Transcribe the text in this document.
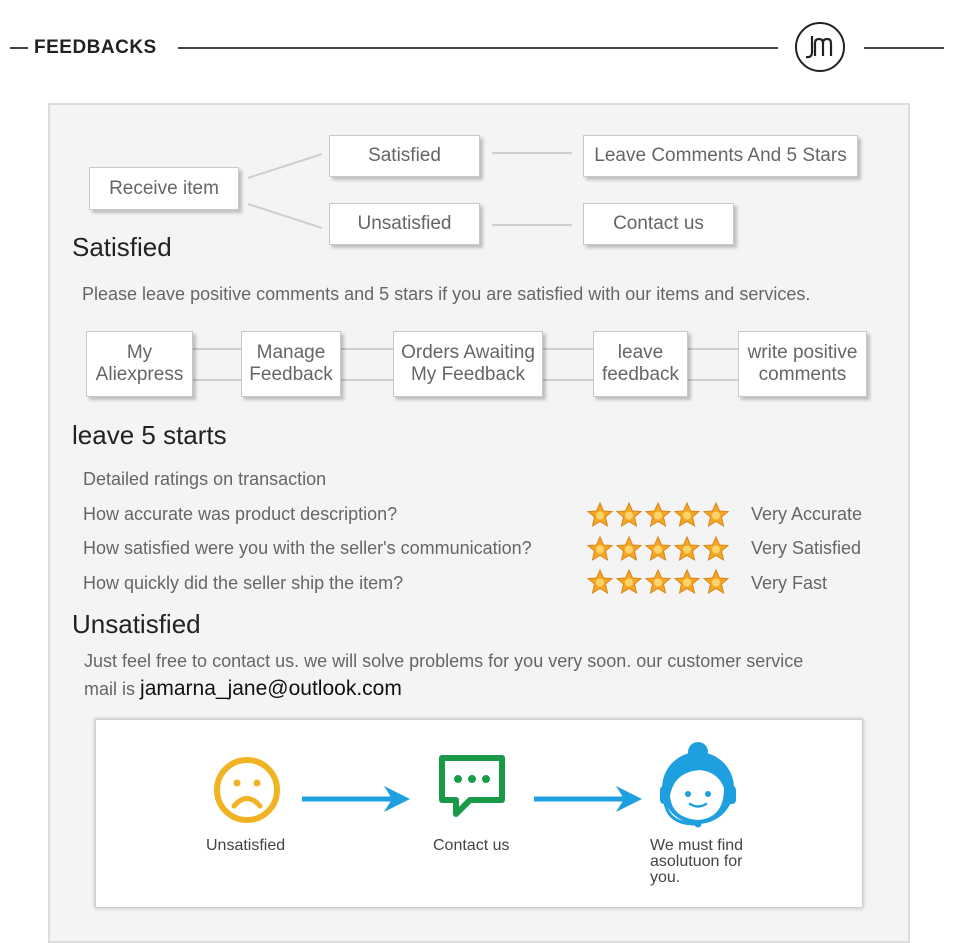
FEEDBACKS
Receive item
Satisfied
Unsatisfied
Leave Comments And 5 Stars
Contact us
Satisfied
Please leave positive comments and 5 stars if you are satisfied with our items and services.
My
Aliexpress
Manage
Feedback
Orders Awaiting
My Feedback
leave
feedback
write positive
comments
leave 5 starts
Detailed ratings on transaction
How accurate was product description?	Very Accurate
How satisfied were you with the seller's communication?	Very Satisfied
How quickly did the seller ship the item?	Very Fast
Unsatisfied
Just feel free to contact us. we will solve problems for you very soon. our customer service
mail is jamarna_jane@outlook.com
Unsatisfied	Contact us	We must find
asolutuon for
you.
